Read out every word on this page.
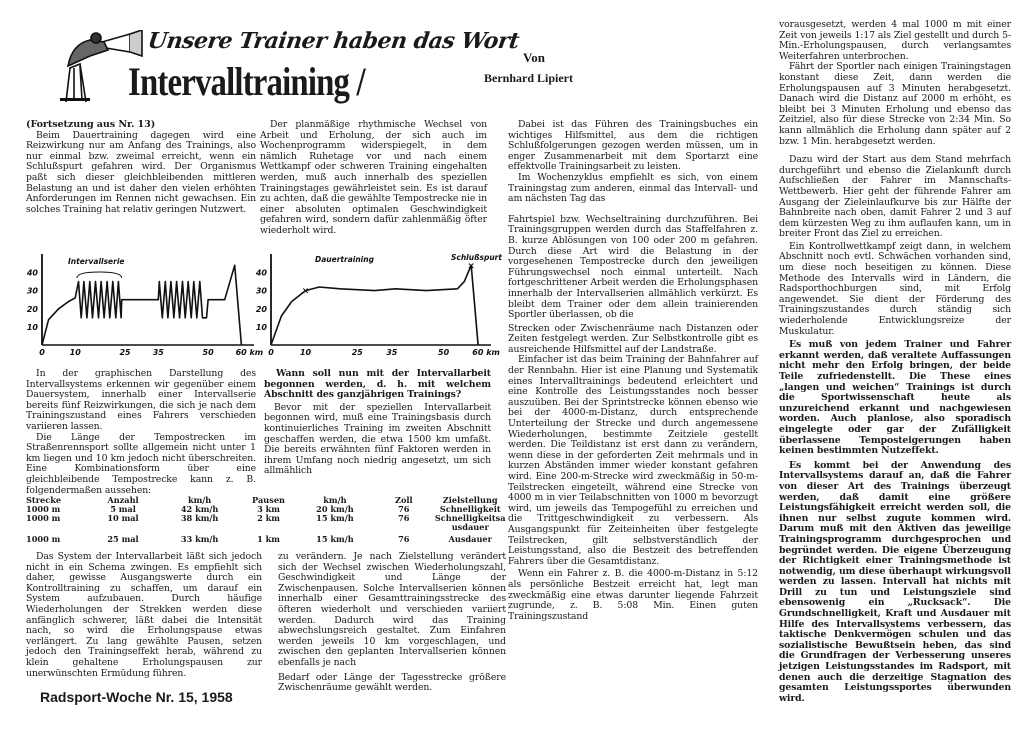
Unsere Trainer haben das Wort
Intervalltraining /
Von
Bernhard Lipiert

(Fortsetzung aus Nr. 13)

Beim Dauertraining dagegen wird eine Reizwirkung nur am Anfang des Trainings, also nur einmal bzw. zweimal erreicht, wenn ein Schlußspurt gefahren wird. Der Organismus paßt sich dieser gleichbleibenden mittleren Belastung an und ist daher den vielen erhöhten Anforderungen im Rennen nicht gewachsen. Ein solches Training hat relativ geringen Nutzwert.

Der planmäßige rhythmische Wechsel von Arbeit und Erholung, der sich auch im Wochenprogramm widerspiegelt, in dem nämlich Ruhetage vor und nach einem Wettkampf oder schweren Training eingehalten werden, muß auch innerhalb des speziellen Trainingstages gewährleistet sein. Es ist darauf zu achten, daß die gewählte Tempostrecke nie in einer absoluten optimalen Geschwindigkeit gefahren wird, sondern dafür zahlenmäßig öfter wiederholt wird.

10
20
30
40
0	10	25	35	50	60 km
Intervallserie
10
20
30
40
0	10	25	35	50	60 km
Dauertraining	Schlußspurt
×
×

In der graphischen Darstellung des Intervallsystems erkennen wir gegenüber einem Dauersystem, innerhalb einer Intervallserie bereits fünf Reizwirkungen, die sich je nach dem Trainingszustand eines Fahrers verschieden variieren lassen.

Die Länge der Tempostrecken im Straßenrennsport sollte allgemein nicht unter 1 km liegen und 10 km jedoch nicht überschreiten. Eine Kombinationsform über eine gleichbleibende Tempostrecke kann z. B. folgendermaßen aussehen:

Wann soll nun mit der Intervallarbeit begonnen werden, d. h. mit welchem Abschnitt des ganzjährigen Trainings?

Bevor mit der speziellen Intervallarbeit begonnen wird, muß eine Trainingsbasis durch kontinuierliches Training im zweiten Abschnitt geschaffen werden, die etwa 1500 km umfaßt. Die bereits erwähnten fünf Faktoren werden in ihrem Umfang noch niedrig angesetzt, um sich allmählich

Strecke	Anzahl	km/h	Pausen	km/h	Zoll	Zielstellung
1000 m	5 mal	42 km/h	3 km	20 km/h	76	Schnelligkeit
1000 m	10 mal	38 km/h	2 km	15 km/h	76	Schnelligkeitsausdauer
1000 m	25 mal	33 km/h	1 km	15 km/h	76	Ausdauer

Das System der Intervallarbeit läßt sich jedoch nicht in ein Schema zwingen. Es empfiehlt sich daher, gewisse Ausgangswerte durch ein Kontrolltraining zu schaffen, um darauf ein System aufzubauen. Durch häufige Wiederholungen der Strekken werden diese anfänglich schwerer, läßt dabei die Intensität nach, so wird die Erholungspause etwas verlängert. Zu lang gewählte Pausen, setzen jedoch den Trainingseffekt herab, während zu klein gehaltene Erholungspausen zur unerwünschten Ermüdung führen.

Radsport-Woche Nr. 15, 1958

zu verändern. Je nach Zielstellung verändert sich der Wechsel zwischen Wiederholungszahl, Geschwindigkeit und Länge der Zwischenpausen. Solche Intervallserien können innerhalb einer Gesamttrainingsstrecke des öfteren wiederholt und verschieden variiert werden. Dadurch wird das Training abwechslungsreich gestaltet. Zum Einfahren werden jeweils 10 km vorgeschlagen, und zwischen den geplanten Intervallserien können ebenfalls je nach

Bedarf oder Länge der Tagesstrecke größere Zwischenräume gewählt werden.

Dabei ist das Führen des Trainingsbuches ein wichtiges Hilfsmittel, aus dem die richtigen Schlußfolgerungen gezogen werden müssen, um in enger Zusammenarbeit mit dem Sportarzt eine effektvolle Trainingsarbeit zu leisten.

Im Wochenzyklus empfiehlt es sich, von einem Trainingstag zum anderen, einmal das Intervall- und am nächsten Tag das

Fahrtspiel bzw. Wechseltraining durchzuführen. Bei Trainingsgruppen werden durch das Staffelfahren z. B. kurze Ablösungen von 100 oder 200 m gefahren. Durch diese Art wird die Belastung in der vorgesehenen Tempostrecke durch den jeweiligen Führungswechsel noch einmal unterteilt. Nach fortgeschrittener Arbeit werden die Erholungsphasen innerhalb der Intervallserien allmählich verkürzt. Es bleibt dem Trainer oder dem allein trainierenden Sportler überlassen, ob die

Strecken oder Zwischenräume nach Distanzen oder Zeiten festgelegt werden. Zur Selbstkontrolle gibt es ausreichende Hilfsmittel auf der Landstraße.

Einfacher ist das beim Training der Bahnfahrer auf der Rennbahn. Hier ist eine Planung und Systematik eines Intervalltrainings bedeutend erleichtert und eine Kontrolle des Leistungsstandes noch besser auszuüben. Bei der Sprintstrecke können ebenso wie bei der 4000-m-Distanz, durch entsprechende Unterteilung der Strecke und durch angemessene Wiederholungen, bestimmte Zeitziele gestellt werden. Die Teildistanz ist erst dann zu verändern, wenn diese in der geforderten Zeit mehrmals und in kurzen Abständen immer wieder konstant gefahren wird. Eine 200-m-Strecke wird zweckmäßig in 50-m-Teilstrecken eingeteilt, während eine Strecke von 4000 m in vier Teilabschnitten von 1000 m bevorzugt wird, um jeweils das Tempogefühl zu erreichen und die Trittgeschwindigkeit zu verbessern. Als Ausgangspunkt für Zeiteinheiten über festgelegte Teilstrecken, gilt selbstverständlich der Leistungsstand, also die Bestzeit des betreffenden Fahrers über die Gesamtdistanz.

Wenn ein Fahrer z. B. die 4000-m-Distanz in 5:12 als persönliche Bestzeit erreicht hat, legt man zweckmäßig eine etwas darunter liegende Fahrzeit zugrunde, z. B. 5:08 Min. Einen guten Trainingszustand

vorausgesetzt, werden 4 mal 1000 m mit einer Zeit von jeweils 1:17 als Ziel gestellt und durch 5-Min.-Erholungspausen, durch verlangsamtes Weiterfahren unterbrochen.

Fährt der Sportler nach einigen Trainingstagen konstant diese Zeit, dann werden die Erholungspausen auf 3 Minuten herabgesetzt. Danach wird die Distanz auf 2000 m erhöht, es bleibt bei 3 Minuten Erholung und ebenso das Zeitziel, also für diese Strecke von 2:34 Min. So kann allmählich die Erholung dann später auf 2 bzw. 1 Min. herabgesetzt werden.

Dazu wird der Start aus dem Stand mehrfach durchgeführt und ebenso die Zielankunft durch Aufschließen der Fahrer im Mannschafts-Wettbewerb. Hier geht der führende Fahrer am Ausgang der Zieleinlaufkurve bis zur Hälfte der Bahnbreite nach oben, damit Fahrer 2 und 3 auf dem kürzesten Weg zu ihm auflaufen kann, um in breiter Front das Ziel zu erreichen.

Ein Kontrollwettkampf zeigt dann, in welchem Abschnitt noch evtl. Schwächen vorhanden sind, um diese noch beseitigen zu können. Diese Methode des Intervalls wird in Ländern, die Radsporthochburgen sind, mit Erfolg angewendet. Sie dient der Förderung des Trainingszustandes durch ständig sich wiederholende Entwicklungsreize der Muskulatur.

Es muß von jedem Trainer und Fahrer erkannt werden, daß veraltete Auffassungen nicht mehr den Erfolg bringen, der beide Teile zufriedenstellt. Die These eines „langen und weichen“ Trainings ist durch die Sportwissenschaft heute als unzureichend erkannt und nachgewiesen worden. Auch planlose, also sporadisch eingelegte oder gar der Zufälligkeit überlassene Temposteigerungen haben keinen bestimmten Nutzeffekt.

Es kommt bei der Anwendung des Intervallsystems darauf an, daß die Fahrer von dieser Art des Trainings überzeugt werden, daß damit eine größere Leistungsfähigkeit erreicht werden soll, die ihnen nur selbst zugute kommen wird. Darum muß mit den Aktiven das jeweilige Trainingsprogramm durchgesprochen und begründet werden. Die eigene Überzeugung der Richtigkeit einer Trainingsmethode ist notwendig, um diese überhaupt wirkungsvoll werden zu lassen. Intervall hat nichts mit Drill zu tun und Leistungsziele sind ebensowenig ein „Rucksack“. Die Grundschnelligkeit, Kraft und Ausdauer mit Hilfe des Intervallsystems verbessern, das taktische Denkvermögen schulen und das sozialistische Bewußtsein heben, das sind die Grundfragen der Verbesserung unseres jetzigen Leistungsstandes im Radsport, mit denen auch die derzeitige Stagnation des gesamten Leistungssportes überwunden wird.
